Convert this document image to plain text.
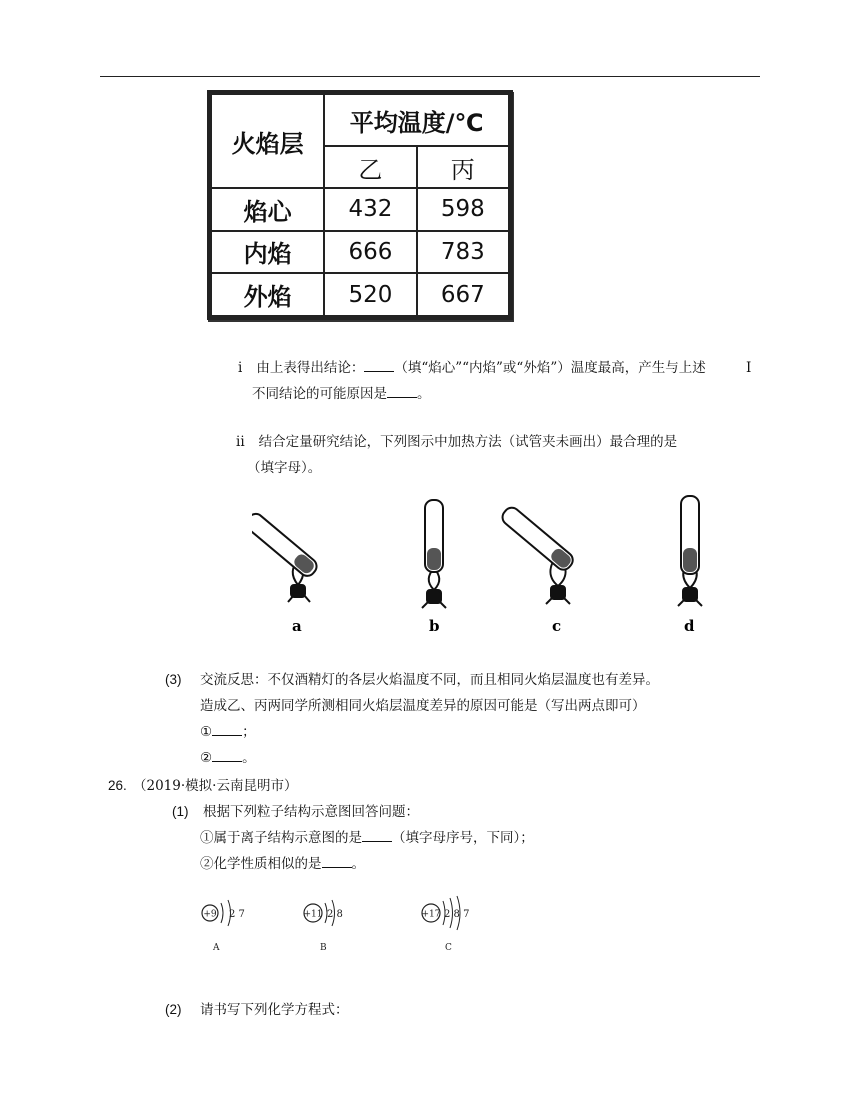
火焰层	平均温度/℃	
	乙	丙
焰心	432	598
内焰	666	783
外焰	520	667
i 由上表得出结论： （填“焰心”“内焰”或“外焰”）温度最高，产生与上述	I
不同结论的可能原因是 。
ii 结合定量研究结论，下列图示中加热方法（试管夹未画出）最合理的是
（填字母）。
a	b	c	d
(3) 交流反思：不仅酒精灯的各层火焰温度不同，而且相同火焰层温度也有差异。
造成乙、丙两同学所测相同火焰层温度差异的原因可能是（写出两点即可）
① ；
② 。
26. （2019·模拟·云南昆明市）
(1) 根据下列粒子结构示意图回答问题：
①属于离子结构示意图的是 （填字母序号，下同）；
②化学性质相似的是 。
+9 2 7
A
+11 2 8
B
+17 2 8 7
C
(2) 请书写下列化学方程式：
